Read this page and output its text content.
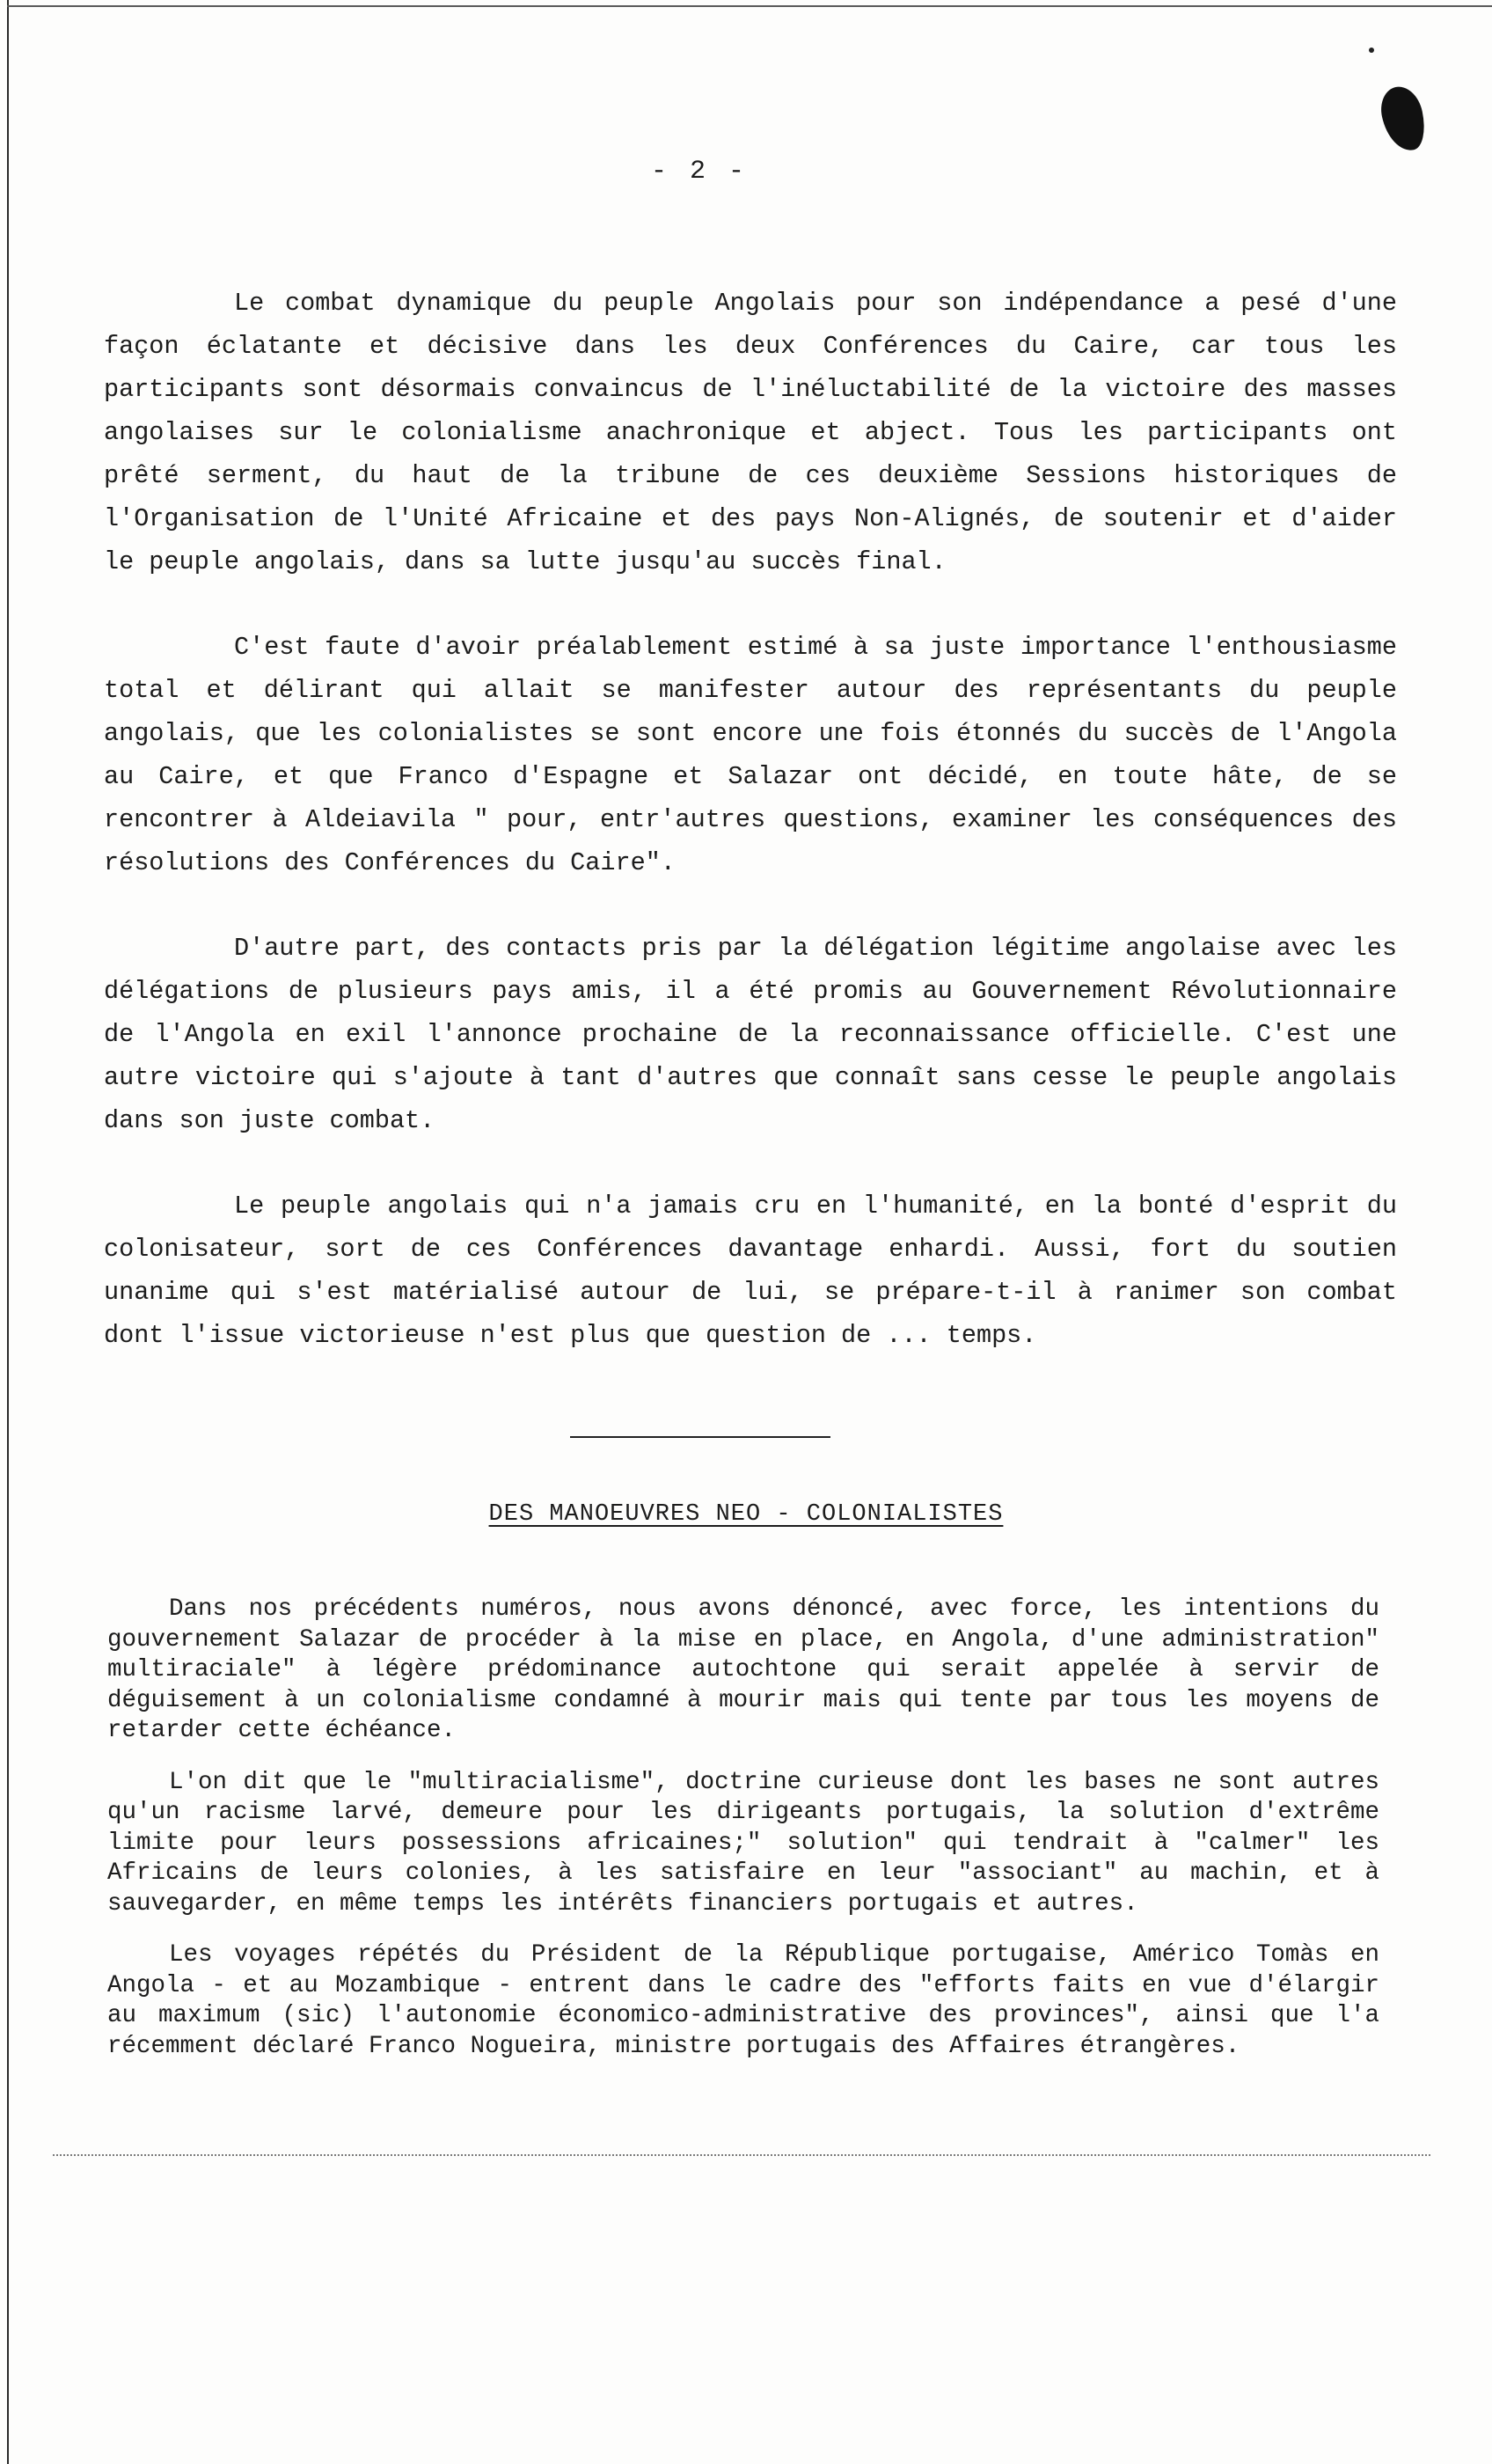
- 2 -

Le combat dynamique du peuple Angolais pour son indépendance a pesé d'une façon éclatante et décisive dans les deux Conférences du Caire, car tous les participants sont désormais convaincus de l'inéluctabilité de la victoire des masses angolaises sur le colonialisme anachronique et abject. Tous les participants ont prêté serment, du haut de la tribune de ces deuxième Sessions historiques de l'Organisation de l'Unité Africaine et des pays Non-Alignés, de soutenir et d'aider le peuple angolais, dans sa lutte jusqu'au succès final.

C'est faute d'avoir préalablement estimé à sa juste importance l'enthousiasme total et délirant qui allait se manifester autour des représentants du peuple angolais, que les colonialistes se sont encore une fois étonnés du succès de l'Angola au Caire, et que Franco d'Espagne et Salazar ont décidé, en toute hâte, de se rencontrer à Aldeiavila " pour, entr'autres questions, examiner les conséquences des résolutions des Conférences du Caire".

D'autre part, des contacts pris par la délégation légitime angolaise avec les délégations de plusieurs pays amis, il a été promis au Gouvernement Révolutionnaire de l'Angola en exil l'annonce prochaine de la reconnaissance officielle. C'est une autre victoire qui s'ajoute à tant d'autres que connaît sans cesse le peuple angolais dans son juste combat.

Le peuple angolais qui n'a jamais cru en l'humanité, en la bonté d'esprit du colonisateur, sort de ces Conférences davantage enhardi. Aussi, fort du soutien unanime qui s'est matérialisé autour de lui, se prépare-t-il à ranimer son combat dont l'issue victorieuse n'est plus que question de ... temps.

DES MANOEUVRES NEO - COLONIALISTES

Dans nos précédents numéros, nous avons dénoncé, avec force, les intentions du gouvernement Salazar de procéder à la mise en place, en Angola, d'une administration" multiraciale" à légère prédominance autochtone qui serait appelée à servir de déguisement à un colonialisme condamné à mourir mais qui tente par tous les moyens de retarder cette échéance.

L'on dit que le "multiracialisme", doctrine curieuse dont les bases ne sont autres qu'un racisme larvé, demeure pour les dirigeants portugais, la solution d'extrême limite pour leurs possessions africaines;" solution" qui tendrait à "calmer" les Africains de leurs colonies, à les satisfaire en leur "associant" au machin, et à sauvegarder, en même temps les intérêts financiers portugais et autres.

Les voyages répétés du Président de la République portugaise, Américo Tomàs en Angola - et au Mozambique - entrent dans le cadre des "efforts faits en vue d'élargir au maximum (sic) l'autonomie économico-administrative des provinces", ainsi que l'a récemment déclaré Franco Nogueira, ministre portugais des Affaires étrangères.
